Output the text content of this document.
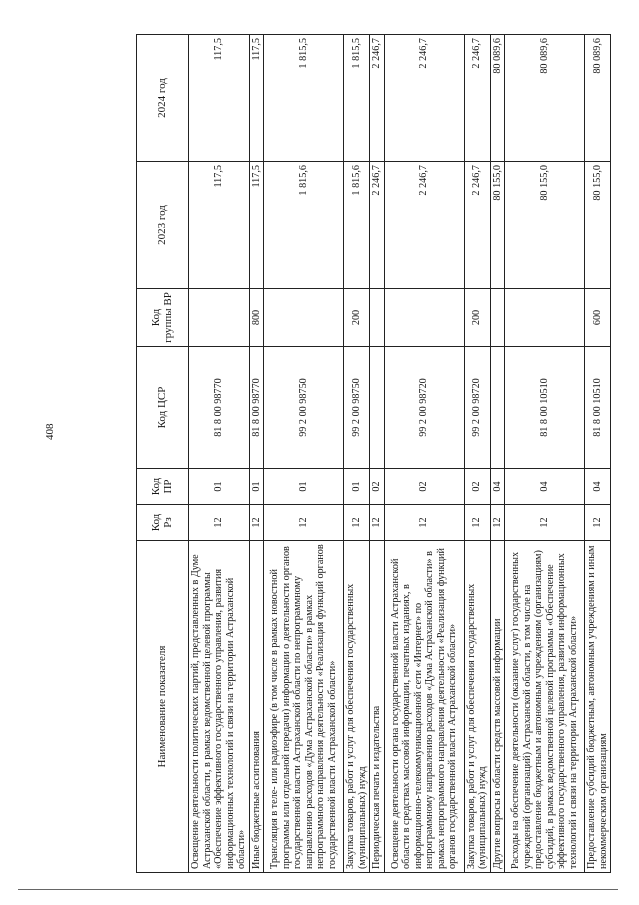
408
Наименование показателя	Код Рз	Код ПР	Код ЦСР	Код группы ВР	2023 год	2024 год
Освещение деятельности политических партий, представленных в Думе Астраханской области, в рамках ведомственной целевой программы «Обеспечение эффективного государственного управления, развития информационных технологий и связи на территории Астраханской области»	12	01	81 8 00 98770		117,5	117,5
Иные бюджетные ассигнования	12	01	81 8 00 98770	800	117,5	117,5
Трансляция в теле- или радиоэфире (в том числе в рамках новостной программы или отдельной передачи) информации о деятельности органов государственной власти Астраханской области по непрограммному направлению расходов «Дума Астраханской области» в рамках непрограммного направления деятельности «Реализация функций органов государственной власти Астраханской области»	12	01	99 2 00 98750		1 815,6	1 815,5
Закупка товаров, работ и услуг для обеспечения государственных (муниципальных) нужд	12	01	99 2 00 98750	200	1 815,6	1 815,5
Периодическая печать и издательства	12	02			2 246,7	2 246,7
Освещение деятельности органа государственной власти Астраханской области в средствах массовой информации, печатных изданиях, в информационно-телекоммуникационной сети «Интернет» по непрограммному направлению расходов «Дума Астраханской области» в рамках непрограммного направления деятельности «Реализация функций органов государственной власти Астраханской области»	12	02	99 2 00 98720		2 246,7	2 246,7
Закупка товаров, работ и услуг для обеспечения государственных (муниципальных) нужд	12	02	99 2 00 98720	200	2 246,7	2 246,7
Другие вопросы в области средств массовой информации	12	04			80 155,0	80 089,6
Расходы на обеспечение деятельности (оказание услуг) государственных учреждений (организаций) Астраханской области, в том числе на предоставление бюджетным и автономным учреждениям (организациям) субсидий, в рамках ведомственной целевой программы «Обеспечение эффективного государственного управления, развития информационных технологий и связи на территории Астраханской области»	12	04	81 8 00 10510		80 155,0	80 089,6
Предоставление субсидий бюджетным, автономным учреждениям и иным некоммерческим организациям	12	04	81 8 00 10510	600	80 155,0	80 089,6
